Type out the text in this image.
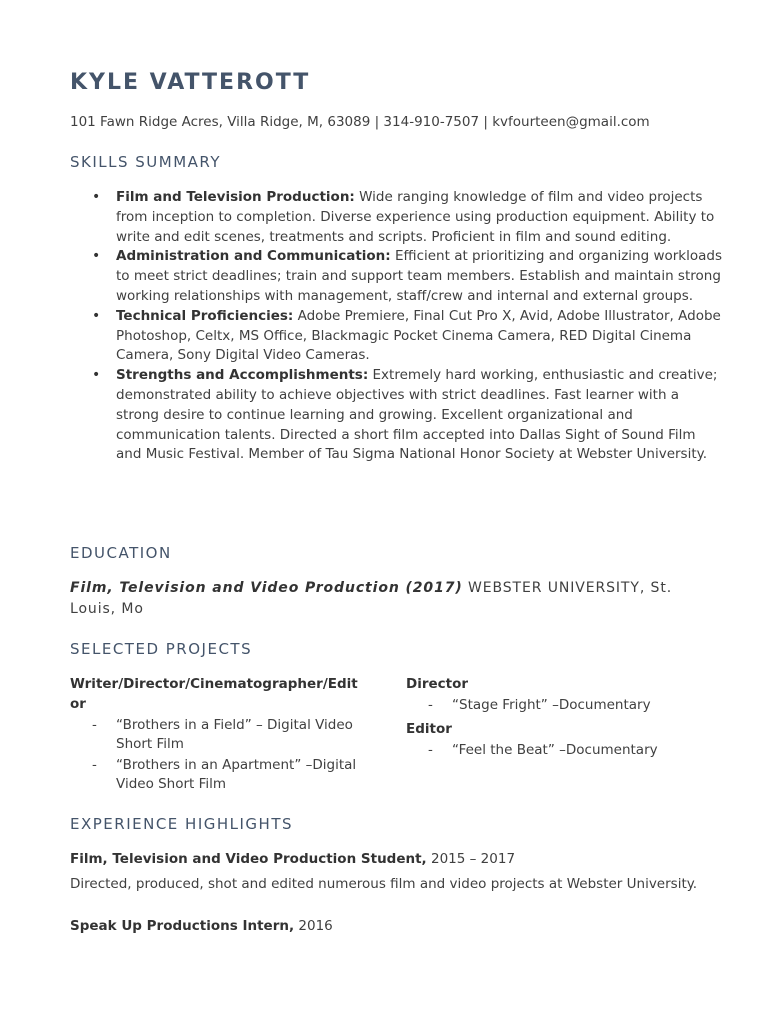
KYLE VATTEROTT

101 Fawn Ridge Acres, Villa Ridge, M, 63089 | 314-910-7507 | kvfourteen@gmail.com

SKILLS SUMMARY
• Film and Television Production: Wide ranging knowledge of film and video projects from inception to completion. Diverse experience using production equipment. Ability to write and edit scenes, treatments and scripts. Proficient in film and sound editing.
• Administration and Communication: Efficient at prioritizing and organizing workloads to meet strict deadlines; train and support team members. Establish and maintain strong working relationships with management, staff/crew and internal and external groups.
• Technical Proficiencies: Adobe Premiere, Final Cut Pro X, Avid, Adobe Illustrator, Adobe Photoshop, Celtx, MS Office, Blackmagic Pocket Cinema Camera, RED Digital Cinema Camera, Sony Digital Video Cameras.
• Strengths and Accomplishments: Extremely hard working, enthusiastic and creative; demonstrated ability to achieve objectives with strict deadlines. Fast learner with a strong desire to continue learning and growing. Excellent organizational and communication talents. Directed a short film accepted into Dallas Sight of Sound Film and Music Festival. Member of Tau Sigma National Honor Society at Webster University.
EDUCATION

Film, Television and Video Production (2017) WEBSTER UNIVERSITY, St. Louis, Mo

SELECTED PROJECTS

Writer/Director/Cinematographer/Editor

- “Brothers in a Field” – Digital Video Short Film
- “Brothers in an Apartment” –Digital Video Short Film

Director

- “Stage Fright” –Documentary

Editor

- “Feel the Beat” –Documentary
EXPERIENCE HIGHLIGHTS

Film, Television and Video Production Student, 2015 – 2017

Directed, produced, shot and edited numerous film and video projects at Webster University.

Speak Up Productions Intern, 2016
